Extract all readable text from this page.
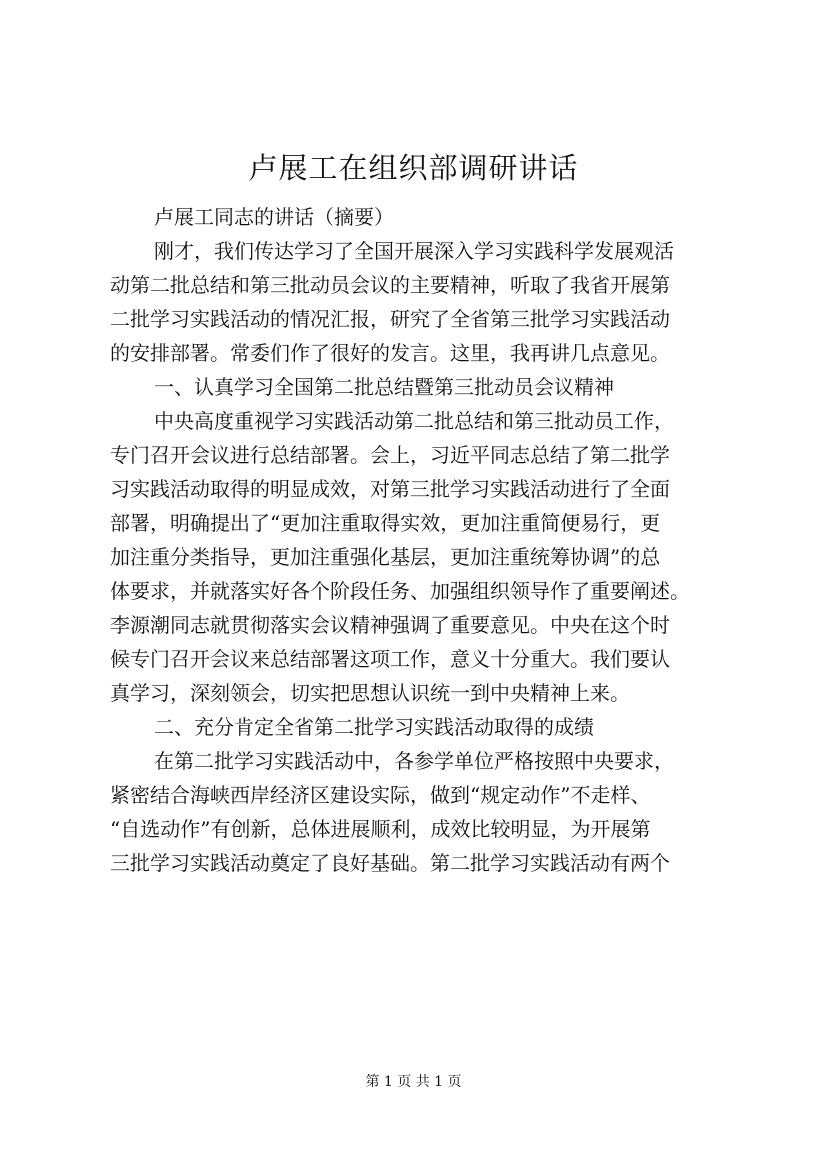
卢展工在组织部调研讲话
卢展工同志的讲话（摘要）
刚才，我们传达学习了全国开展深入学习实践科学发展观活
动第二批总结和第三批动员会议的主要精神，听取了我省开展第
二批学习实践活动的情况汇报，研究了全省第三批学习实践活动
的安排部署。常委们作了很好的发言。这里，我再讲几点意见。
一、认真学习全国第二批总结暨第三批动员会议精神
中央高度重视学习实践活动第二批总结和第三批动员工作，
专门召开会议进行总结部署。会上，习近平同志总结了第二批学
习实践活动取得的明显成效，对第三批学习实践活动进行了全面
部署，明确提出了“更加注重取得实效，更加注重简便易行，更
加注重分类指导，更加注重强化基层，更加注重统筹协调”的总
体要求，并就落实好各个阶段任务、加强组织领导作了重要阐述。
李源潮同志就贯彻落实会议精神强调了重要意见。中央在这个时
候专门召开会议来总结部署这项工作，意义十分重大。我们要认
真学习，深刻领会，切实把思想认识统一到中央精神上来。
二、充分肯定全省第二批学习实践活动取得的成绩
在第二批学习实践活动中，各参学单位严格按照中央要求，
紧密结合海峡西岸经济区建设实际，做到“规定动作”不走样、
“自选动作”有创新，总体进展顺利，成效比较明显，为开展第
三批学习实践活动奠定了良好基础。第二批学习实践活动有两个
第 1 页 共 1 页
